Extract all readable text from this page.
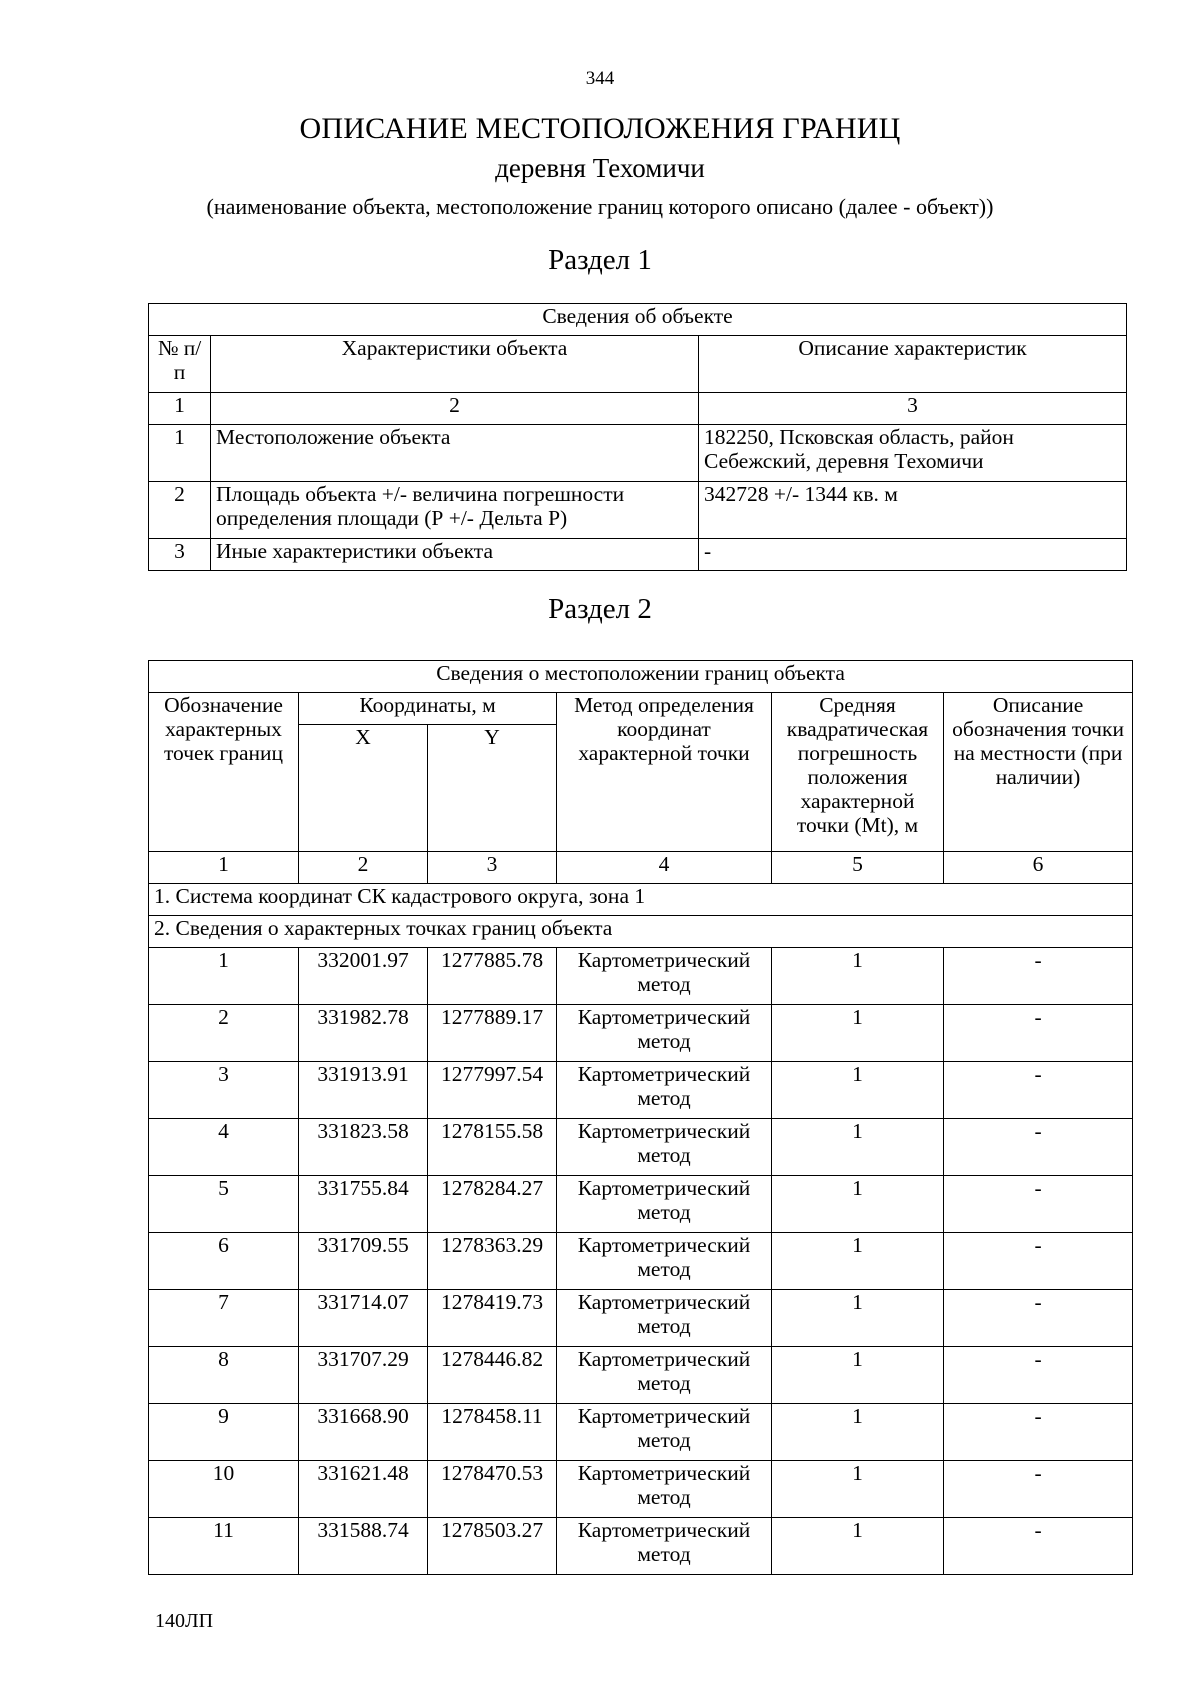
344
ОПИСАНИЕ МЕСТОПОЛОЖЕНИЯ ГРАНИЦ
деревня Техомичи
(наименование объекта, местоположение границ которого описано (далее - объект))
Раздел 1
Сведения об объекте		
№ п/п	Характеристики объекта	Описание характеристик
1	2	3
1	Местоположение объекта	182250, Псковская область, район Себежский, деревня Техомичи
2	Площадь объекта +/- величина погрешности определения площади (Р +/- Дельта Р)	342728 +/- 1344 кв. м
3	Иные характеристики объекта	-
Раздел 2
Сведения о местоположении границ объекта					
Обозначение характерных точек границ	Координаты, м		Метод определения координат характерной точки	Средняя квадратическая погрешность положения характерной точки (Mt), м	Описание обозначения точки на местности (при наличии)
	X	Y			
1	2	3	4	5	6
1. Система координат СК кадастрового округа, зона 1					
2. Сведения о характерных точках границ объекта					
1	332001.97	1277885.78	Картометрический метод	1	-
2	331982.78	1277889.17	Картометрический метод	1	-
3	331913.91	1277997.54	Картометрический метод	1	-
4	331823.58	1278155.58	Картометрический метод	1	-
5	331755.84	1278284.27	Картометрический метод	1	-
6	331709.55	1278363.29	Картометрический метод	1	-
7	331714.07	1278419.73	Картометрический метод	1	-
8	331707.29	1278446.82	Картометрический метод	1	-
9	331668.90	1278458.11	Картометрический метод	1	-
10	331621.48	1278470.53	Картометрический метод	1	-
11	331588.74	1278503.27	Картометрический метод	1	-
140ЛП
